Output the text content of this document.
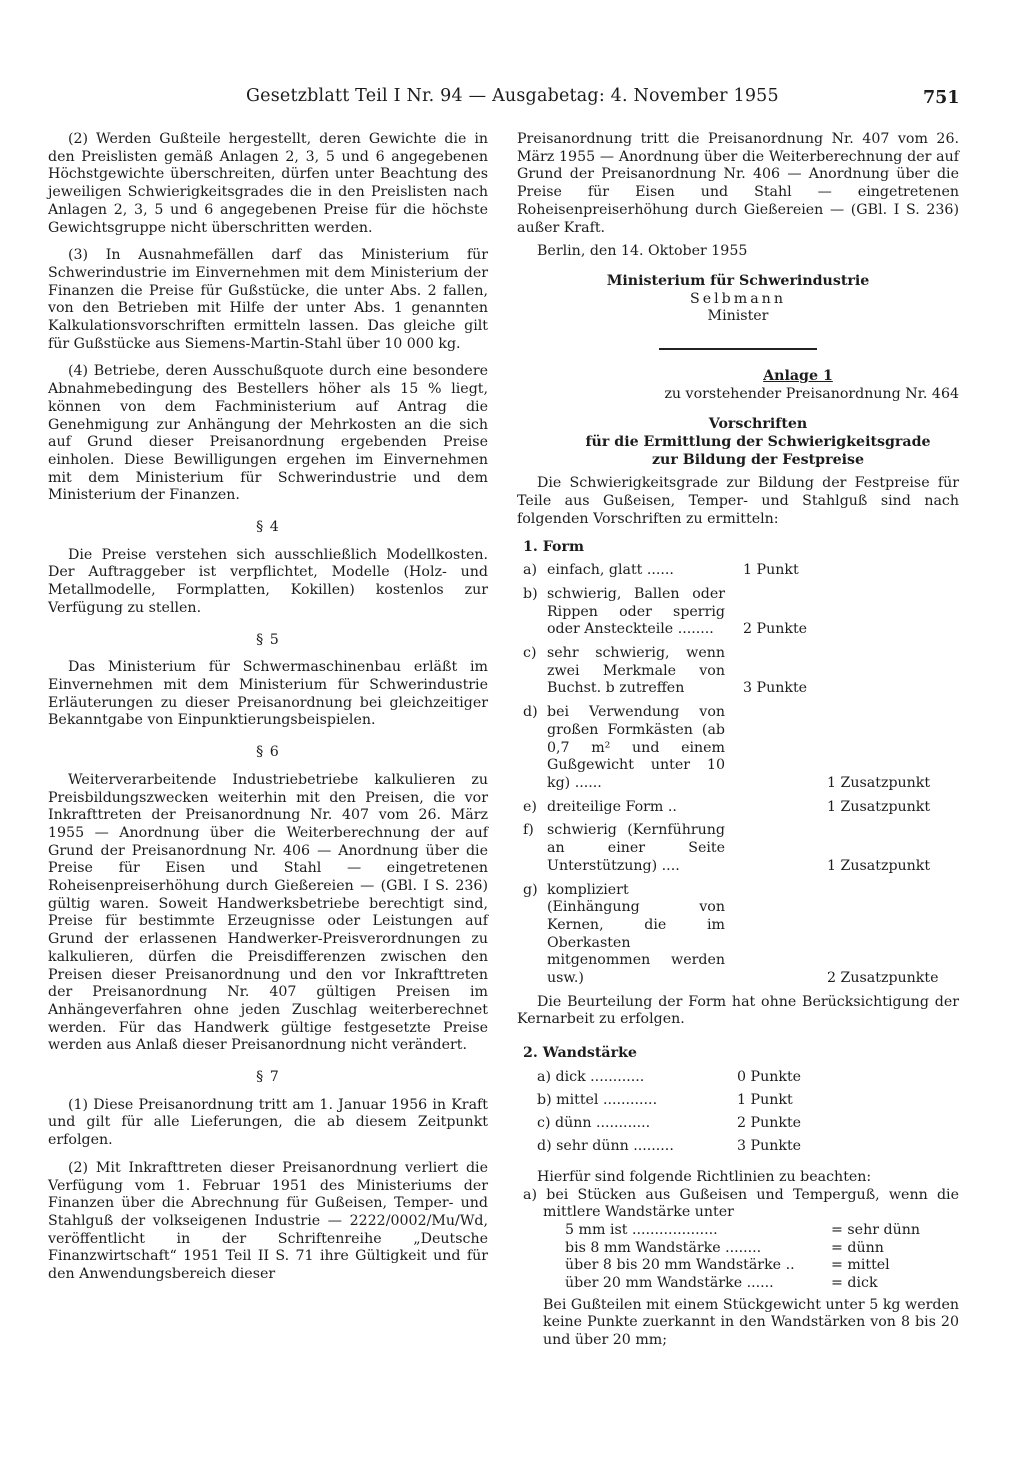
Gesetzblatt Teil I Nr. 94 — Ausgabetag: 4. November 1955	751

(2) Werden Gußteile hergestellt, deren Gewichte die in den Preislisten gemäß Anlagen 2, 3, 5 und 6 angegebenen Höchstgewichte überschreiten, dürfen unter Beachtung des jeweiligen Schwierigkeitsgrades die in den Preislisten nach Anlagen 2, 3, 5 und 6 angegebenen Preise für die höchste Gewichtsgruppe nicht überschritten werden.

(3) In Ausnahmefällen darf das Ministerium für Schwerindustrie im Einvernehmen mit dem Ministerium der Finanzen die Preise für Gußstücke, die unter Abs. 2 fallen, von den Betrieben mit Hilfe der unter Abs. 1 genannten Kalkulationsvorschriften ermitteln lassen. Das gleiche gilt für Gußstücke aus Siemens-Martin-Stahl über 10 000 kg.

(4) Betriebe, deren Ausschußquote durch eine besondere Abnahmebedingung des Bestellers höher als 15 % liegt, können von dem Fachministerium auf Antrag die Genehmigung zur Anhängung der Mehrkosten an die sich auf Grund dieser Preisanordnung ergebenden Preise einholen. Diese Bewilligungen ergehen im Einvernehmen mit dem Ministerium für Schwerindustrie und dem Ministerium der Finanzen.

§ 4

Die Preise verstehen sich ausschließlich Modellkosten. Der Auftraggeber ist verpflichtet, Modelle (Holz- und Metallmodelle, Formplatten, Kokillen) kostenlos zur Verfügung zu stellen.

§ 5

Das Ministerium für Schwermaschinenbau erläßt im Einvernehmen mit dem Ministerium für Schwerindustrie Erläuterungen zu dieser Preisanordnung bei gleichzeitiger Bekanntgabe von Einpunktierungsbeispielen.

§ 6

Weiterverarbeitende Industriebetriebe kalkulieren zu Preisbildungszwecken weiterhin mit den Preisen, die vor Inkrafttreten der Preisanordnung Nr. 407 vom 26. März 1955 — Anordnung über die Weiterberechnung der auf Grund der Preisanordnung Nr. 406 — Anordnung über die Preise für Eisen und Stahl — eingetretenen Roheisenpreiserhöhung durch Gießereien — (GBl. I S. 236) gültig waren. Soweit Handwerksbetriebe berechtigt sind, Preise für bestimmte Erzeugnisse oder Leistungen auf Grund der erlassenen Handwerker-Preisverordnungen zu kalkulieren, dürfen die Preisdifferenzen zwischen den Preisen dieser Preisanordnung und den vor Inkrafttreten der Preisanordnung Nr. 407 gültigen Preisen im Anhängeverfahren ohne jeden Zuschlag weiterberechnet werden. Für das Handwerk gültige festgesetzte Preise werden aus Anlaß dieser Preisanordnung nicht verändert.

§ 7

(1) Diese Preisanordnung tritt am 1. Januar 1956 in Kraft und gilt für alle Lieferungen, die ab diesem Zeitpunkt erfolgen.

(2) Mit Inkrafttreten dieser Preisanordnung verliert die Verfügung vom 1. Februar 1951 des Ministeriums der Finanzen über die Abrechnung für Gußeisen, Temper- und Stahlguß der volkseigenen Industrie — 2222/0002/Mu/Wd, veröffentlicht in der Schriftenreihe „Deutsche Finanzwirtschaft“ 1951 Teil II S. 71 ihre Gültigkeit und für den Anwendungsbereich dieser

Preisanordnung tritt die Preisanordnung Nr. 407 vom 26. März 1955 — Anordnung über die Weiterberechnung der auf Grund der Preisanordnung Nr. 406 — Anordnung über die Preise für Eisen und Stahl — eingetretenen Roheisenpreiserhöhung durch Gießereien — (GBl. I S. 236) außer Kraft.

Berlin, den 14. Oktober 1955
Ministerium für Schwerindustrie
Selbmann
Minister
Anlage 1
zu vorstehender Preisanordnung Nr. 464
Vorschriften
für die Ermittlung der Schwierigkeitsgrade
zur Bildung der Festpreise

Die Schwierigkeitsgrade zur Bildung der Festpreise für Teile aus Gußeisen, Temper- und Stahlguß sind nach folgenden Vorschriften zu ermitteln:

1. Form
a) einfach, glatt ......	1 Punkt
b) schwierig, Ballen oder Rippen oder sperrig oder Ansteckteile ........	2 Punkte
c) sehr schwierig, wenn zwei Merkmale von Buchst. b zutreffen	3 Punkte
d) bei Verwendung von großen Formkästen (ab 0,7 m² und einem Gußgewicht unter 10 kg) ......	1 Zusatzpunkt
e) dreiteilige Form ..	1 Zusatzpunkt
f) schwierig (Kernführung an einer Seite Unterstützung) ....	1 Zusatzpunkt
g) kompliziert (Einhängung von Kernen, die im Oberkasten mitgenommen werden usw.)	2 Zusatzpunkte

Die Beurteilung der Form hat ohne Berücksichtigung der Kernarbeit zu erfolgen.

2. Wandstärke
a) dick ............	0 Punkte
b) mittel ............	1 Punkt
c) dünn ............	2 Punkte
d) sehr dünn .........	3 Punkte

Hierfür sind folgende Richtlinien zu beachten:

a) bei Stücken aus Gußeisen und Temperguß, wenn die mittlere Wandstärke unter

5 mm ist ...................	= sehr dünn
bis 8 mm Wandstärke ........	= dünn
über 8 bis 20 mm Wandstärke ..	= mittel
über 20 mm Wandstärke ......	= dick

Bei Gußteilen mit einem Stückgewicht unter 5 kg werden keine Punkte zuerkannt in den Wandstärken von 8 bis 20 und über 20 mm;
